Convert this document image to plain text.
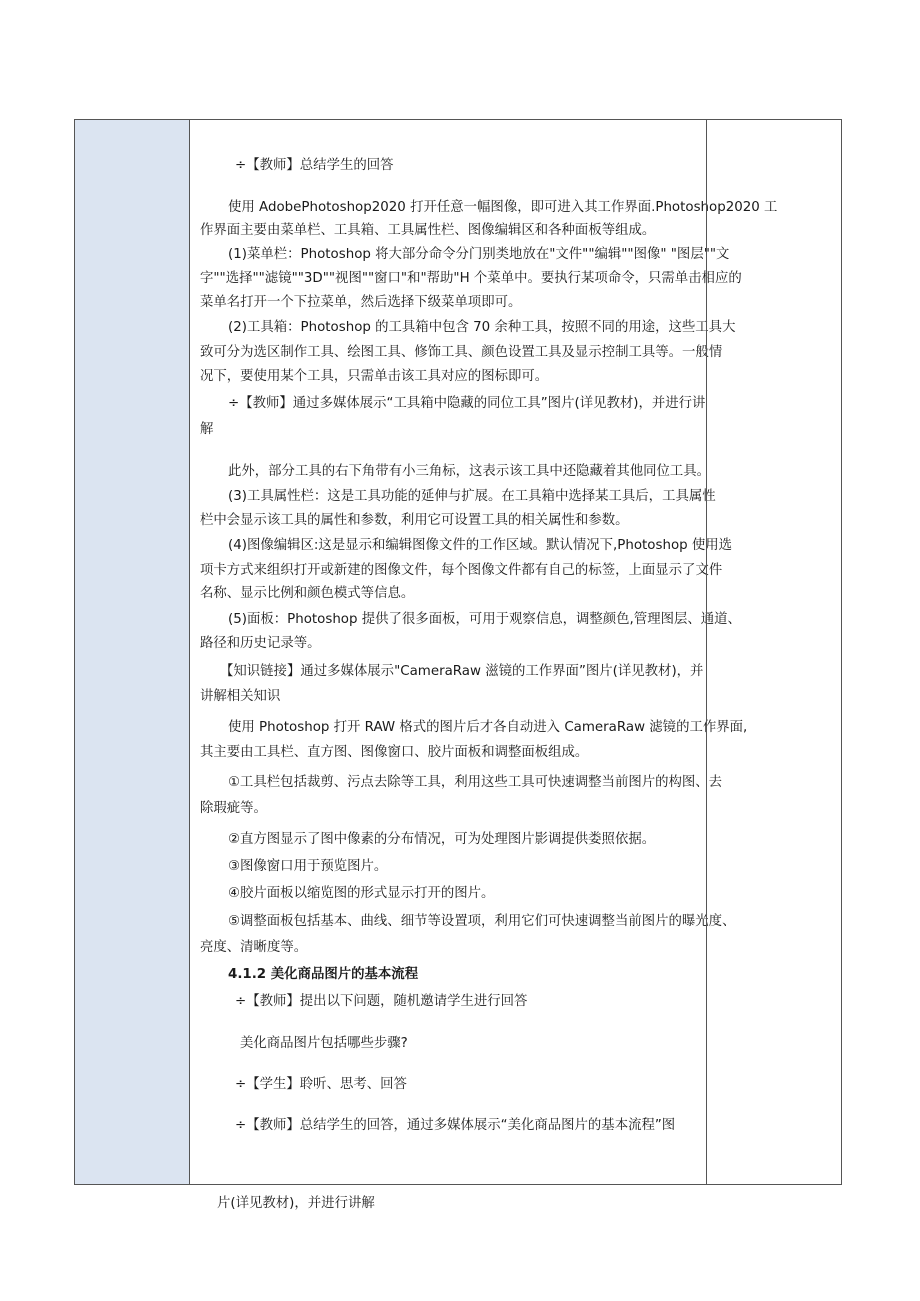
÷【教师】总结学生的回答
使用 AdobePhotoshop2020 打开任意一幅图像，即可进入其工作界面.Photoshop2020 工
作界面主要由菜单栏、工具箱、工具属性栏、图像编辑区和各种面板等组成。
(1)菜单栏：Photoshop 将大部分命令分门别类地放在"文件""编辑""图像" "图层""文
字""选择""滤镜""3D""视图""窗口"和"帮助"H 个菜单中。要执行某项命令，只需单击相应的
菜单名打开一个下拉菜单，然后选择下级菜单项即可。
(2)工具箱：Photoshop 的工具箱中包含 70 余种工具，按照不同的用途，这些工具大
致可分为选区制作工具、绘图工具、修饰工具、颜色设置工具及显示控制工具等。一般情
况下，要使用某个工具，只需单击该工具对应的图标即可。
÷【教师】通过多媒体展示“工具箱中隐藏的同位工具”图片(详见教材)，并进行讲
解
此外，部分工具的右下角带有小三角标，这表示该工具中还隐藏着其他同位工具。
(3)工具属性栏：这是工具功能的延伸与扩展。在工具箱中选择某工具后，工具属性
栏中会显示该工具的属性和参数，利用它可设置工具的相关属性和参数。
(4)图像编辑区:这是显示和编辑图像文件的工作区域。默认情况下,Photoshop 使用选
项卡方式来组织打开或新建的图像文件，每个图像文件都有自己的标签，上面显示了文件
名称、显示比例和颜色模式等信息。
(5)面板：Photoshop 提供了很多面板，可用于观察信息，调整颜色,管理图层、通道、
路径和历史记录等。
【知识链接】通过多媒体展示"CameraRaw 滋镜的工作界面”图片(详见教材)，并
讲解相关知识
使用 Photoshop 打开 RAW 格式的图片后才各自动进入 CameraRaw 滤镜的工作界面,
其主要由工具栏、直方图、图像窗口、胶片面板和调整面板组成。
①工具栏包括裁剪、污点去除等工具，利用这些工具可快速调整当前图片的构图、去
除瑕疵等。
②直方图显示了图中像素的分布情况，可为处理图片影调提供娄照依据。
③图像窗口用于预览图片。
④胶片面板以缩览图的形式显示打开的图片。
⑤调整面板包括基本、曲线、细节等设置项，利用它们可快速调整当前图片的曝光度、
亮度、清晰度等。
4.1.2 美化商品图片的基本流程
÷【教师】提出以下问题，随机邀请学生进行回答
美化商品图片包括哪些步骤?
÷【学生】聆听、思考、回答
÷【教师】总结学生的回答，通过多媒体展示“美化商品图片的基本流程”图
片(详见教材)，并进行讲解
